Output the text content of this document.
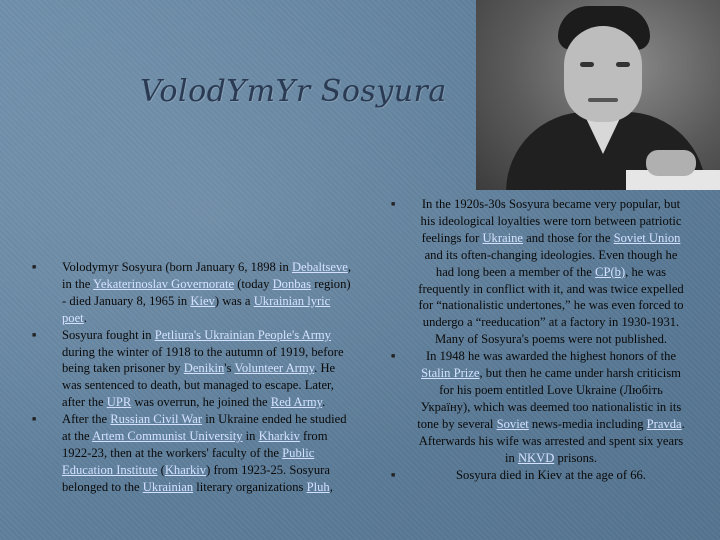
VolodYmYr Sosyura
■ Volodymyr Sosyura (born January 6, 1898 in Debaltseve, in the Yekaterinoslav Governorate (today Donbas region) - died January 8, 1965 in Kiev) was a Ukrainian lyric poet.
■ Sosyura fought in Petliura's Ukrainian People's Army during the winter of 1918 to the autumn of 1919, before being taken prisoner by Denikin's Volunteer Army. He was sentenced to death, but managed to escape. Later, after the UPR was overrun, he joined the Red Army.
■ After the Russian Civil War in Ukraine ended he studied at the Artem Communist University in Kharkiv from 1922-23, then at the workers' faculty of the Public Education Institute (Kharkiv) from 1923-25. Sosyura belonged to the Ukrainian literary organizations Pluh,
■ In the 1920s-30s Sosyura became very popular, but his ideological loyalties were torn between patriotic feelings for Ukraine and those for the Soviet Union and its often-changing ideologies. Even though he had long been a member of the CP(b), he was frequently in conflict with it, and was twice expelled for “nationalistic undertones,” he was even forced to undergo a “reeducation” at a factory in 1930-1931. Many of Sosyura's poems were not published.
■ In 1948 he was awarded the highest honors of the Stalin Prize, but then he came under harsh criticism for his poem entitled Love Ukraine (Любіть Україну), which was deemed too nationalistic in its tone by several Soviet news-media including Pravda. Afterwards his wife was arrested and spent six years in NKVD prisons.
■	Sosyura died in Kiev at the age of 66.
